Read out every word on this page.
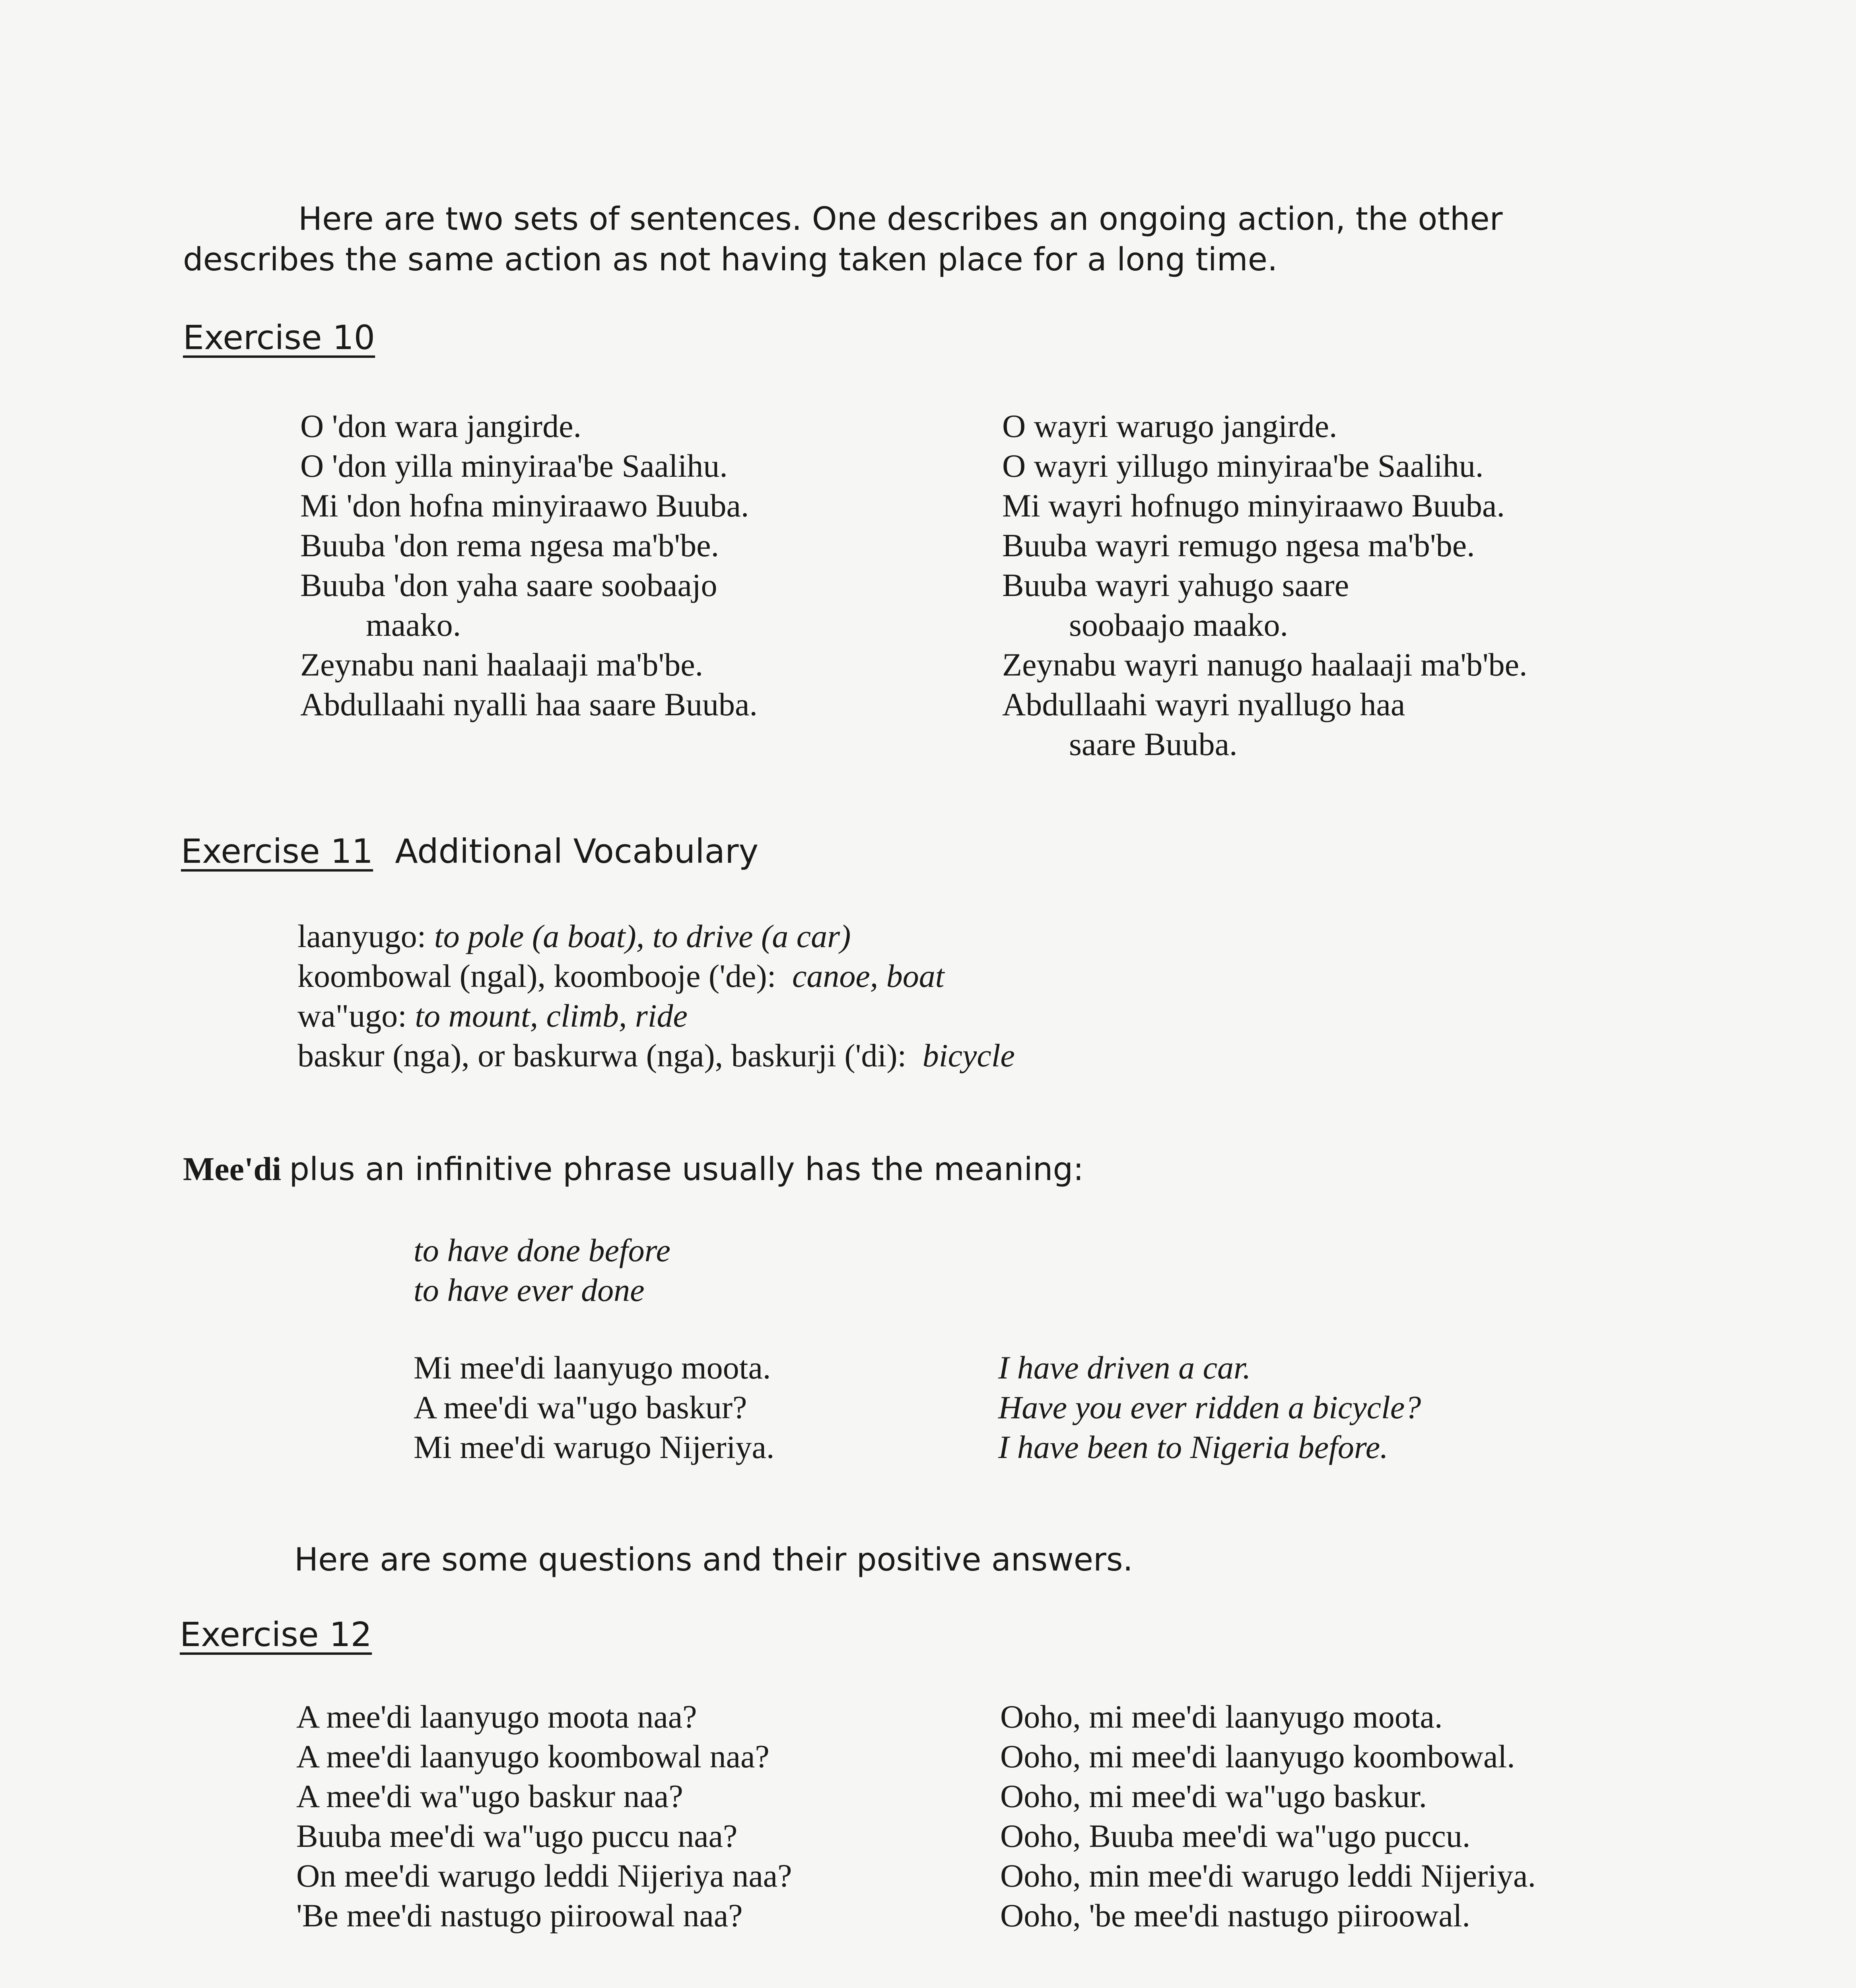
Here are two sets of sentences. One describes an ongoing action, the other
describes the same action as not having taken place for a long time.
Exercise 10
O 'don wara jangirde.
O 'don yilla minyiraa'be Saalihu.
Mi 'don hofna minyiraawo Buuba.
Buuba 'don rema ngesa ma'b'be.
Buuba 'don yaha saare soobaajo
maako.
Zeynabu nani haalaaji ma'b'be.
Abdullaahi nyalli haa saare Buuba.
O wayri warugo jangirde.
O wayri yillugo minyiraa'be Saalihu.
Mi wayri hofnugo minyiraawo Buuba.
Buuba wayri remugo ngesa ma'b'be.
Buuba wayri yahugo saare
soobaajo maako.
Zeynabu wayri nanugo haalaaji ma'b'be.
Abdullaahi wayri nyallugo haa
saare Buuba.
Exercise 11 Additional Vocabulary
laanyugo: to pole (a boat), to drive (a car)
koombowal (ngal), koombooje ('de): canoe, boat
wa"ugo: to mount, climb, ride
baskur (nga), or baskurwa (nga), baskurji ('di): bicycle
Mee'di plus an infinitive phrase usually has the meaning:
to have done before
to have ever done
Mi mee'di laanyugo moota.
A mee'di wa"ugo baskur?
Mi mee'di warugo Nijeriya.
I have driven a car.
Have you ever ridden a bicycle?
I have been to Nigeria before.
Here are some questions and their positive answers.
Exercise 12
A mee'di laanyugo moota naa?
A mee'di laanyugo koombowal naa?
A mee'di wa"ugo baskur naa?
Buuba mee'di wa"ugo puccu naa?
On mee'di warugo leddi Nijeriya naa?
'Be mee'di nastugo piiroowal naa?
Ooho, mi mee'di laanyugo moota.
Ooho, mi mee'di laanyugo koombowal.
Ooho, mi mee'di wa"ugo baskur.
Ooho, Buuba mee'di wa"ugo puccu.
Ooho, min mee'di warugo leddi Nijeriya.
Ooho, 'be mee'di nastugo piiroowal.
